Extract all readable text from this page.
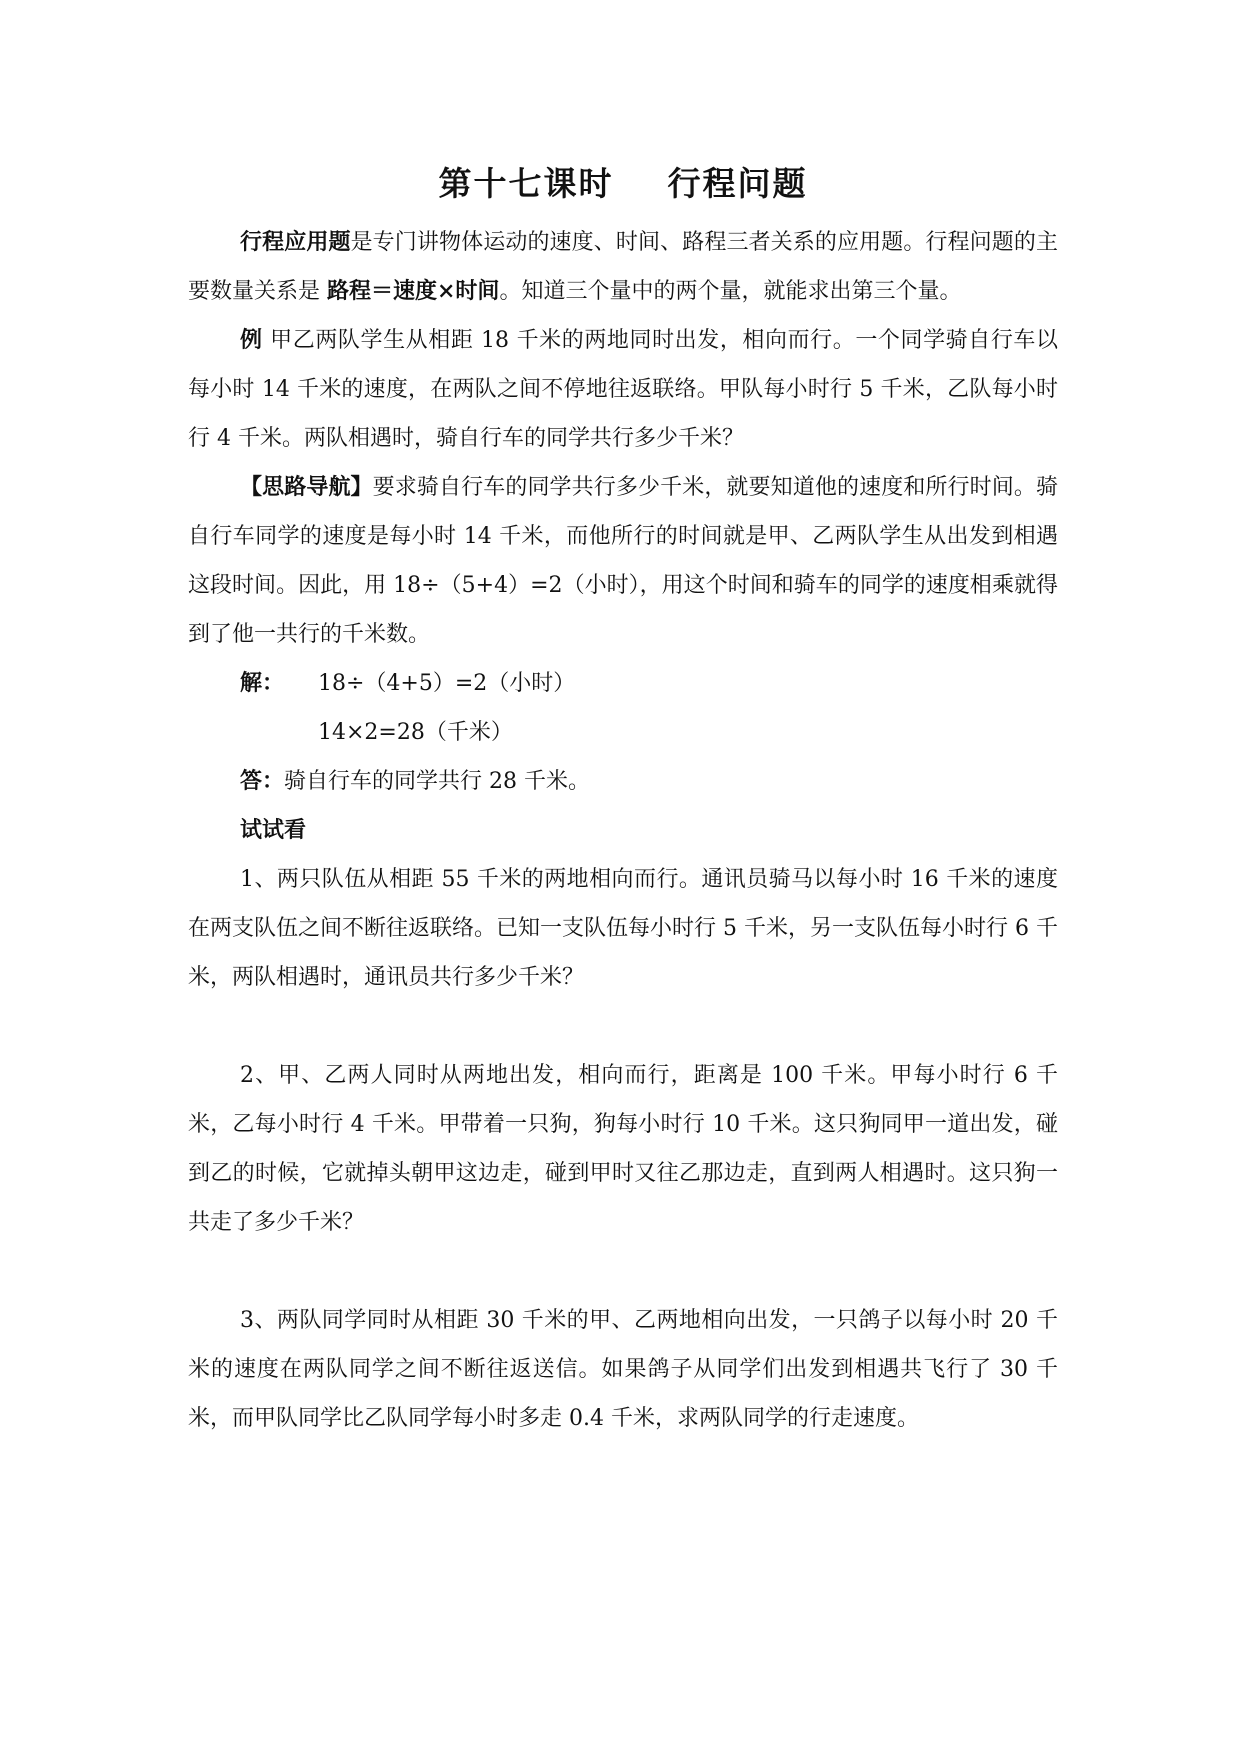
第十七课时    行程问题

行程应用题是专门讲物体运动的速度、时间、路程三者关系的应用题。行程问题的主要数量关系是 路程＝速度×时间。知道三个量中的两个量，就能求出第三个量。

例 甲乙两队学生从相距 18 千米的两地同时出发，相向而行。一个同学骑自行车以每小时 14 千米的速度，在两队之间不停地往返联络。甲队每小时行 5 千米，乙队每小时行 4 千米。两队相遇时，骑自行车的同学共行多少千米？

【思路导航】要求骑自行车的同学共行多少千米，就要知道他的速度和所行时间。骑自行车同学的速度是每小时 14 千米，而他所行的时间就是甲、乙两队学生从出发到相遇这段时间。因此，用 18÷（5+4）=2（小时），用这个时间和骑车的同学的速度相乘就得到了他一共行的千米数。

解： 18÷（4+5）=2（小时）
14×2=28（千米）
答：骑自行车的同学共行 28 千米。
试试看

1、两只队伍从相距 55 千米的两地相向而行。通讯员骑马以每小时 16 千米的速度在两支队伍之间不断往返联络。已知一支队伍每小时行 5 千米，另一支队伍每小时行 6 千米，两队相遇时，通讯员共行多少千米？

2、甲、乙两人同时从两地出发，相向而行，距离是 100 千米。甲每小时行 6 千米，乙每小时行 4 千米。甲带着一只狗，狗每小时行 10 千米。这只狗同甲一道出发，碰到乙的时候，它就掉头朝甲这边走，碰到甲时又往乙那边走，直到两人相遇时。这只狗一共走了多少千米？

3、两队同学同时从相距 30 千米的甲、乙两地相向出发，一只鸽子以每小时 20 千米的速度在两队同学之间不断往返送信。如果鸽子从同学们出发到相遇共飞行了 30 千米，而甲队同学比乙队同学每小时多走 0.4 千米，求两队同学的行走速度。
